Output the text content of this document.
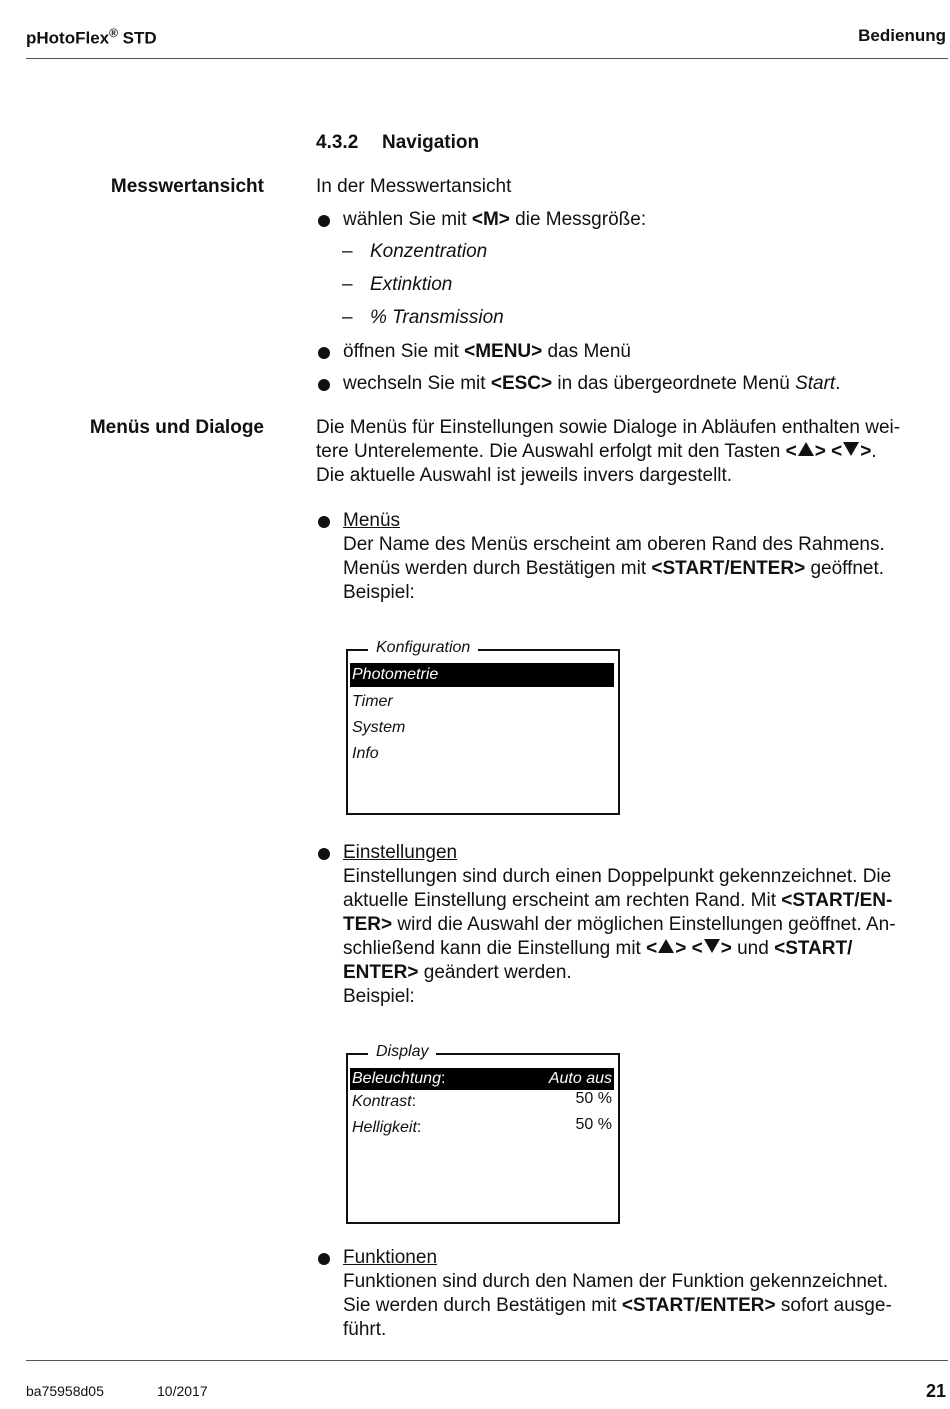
pHotoFlex® STD	Bedienung
4.3.2 Navigation
Messwertansicht	In der Messwertansicht
wählen Sie mit <M> die Messgröße:
– Konzentration
– Extinktion
– % Transmission
öffnen Sie mit <MENU> das Menü
wechseln Sie mit <ESC> in das übergeordnete Menü Start.
Menüs und Dialoge	Die Menüs für Einstellungen sowie Dialoge in Abläufen enthalten wei-
tere Unterelemente. Die Auswahl erfolgt mit den Tasten < > < >.
Die aktuelle Auswahl ist jeweils invers dargestellt.
Menüs
Der Name des Menüs erscheint am oberen Rand des Rahmens.
Menüs werden durch Bestätigen mit <START/ENTER> geöffnet.
Beispiel:
Konfiguration
Photometrie
Timer
System
Info
Einstellungen
Einstellungen sind durch einen Doppelpunkt gekennzeichnet. Die
aktuelle Einstellung erscheint am rechten Rand. Mit <START/EN-
TER> wird die Auswahl der möglichen Einstellungen geöffnet. An-
schließend kann die Einstellung mit < > < > und <START/
ENTER> geändert werden.
Beispiel:
Display
Beleuchtung:	Auto aus
Kontrast:	50 %
Helligkeit:	50 %
Funktionen
Funktionen sind durch den Namen der Funktion gekennzeichnet.
Sie werden durch Bestätigen mit <START/ENTER> sofort ausge-
führt.
ba75958d05	10/2017	21
